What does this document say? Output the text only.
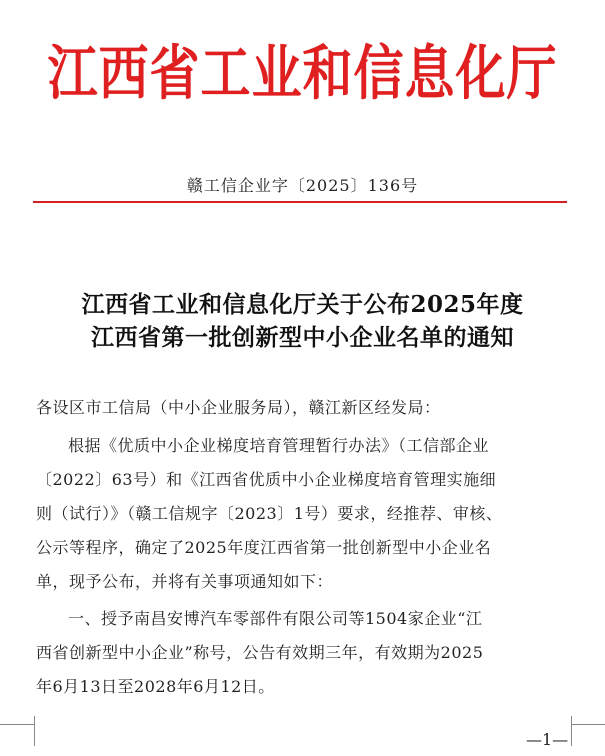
江西省工业和信息化厅
赣工信企业字〔2025〕136号
江西省工业和信息化厅关于公布2025年度
江西省第一批创新型中小企业名单的通知
各设区市工信局（中小企业服务局），赣江新区经发局：
根据《优质中小企业梯度培育管理暂行办法》（工信部企业
〔2022〕63号）和《江西省优质中小企业梯度培育管理实施细
则（试行）》（赣工信规字〔2023〕1号）要求，经推荐、审核、
公示等程序，确定了2025年度江西省第一批创新型中小企业名
单，现予公布，并将有关事项通知如下：
一、授予南昌安博汽车零部件有限公司等1504家企业“江
西省创新型中小企业”称号，公告有效期三年，有效期为2025
年6月13日至2028年6月12日。
—1—
